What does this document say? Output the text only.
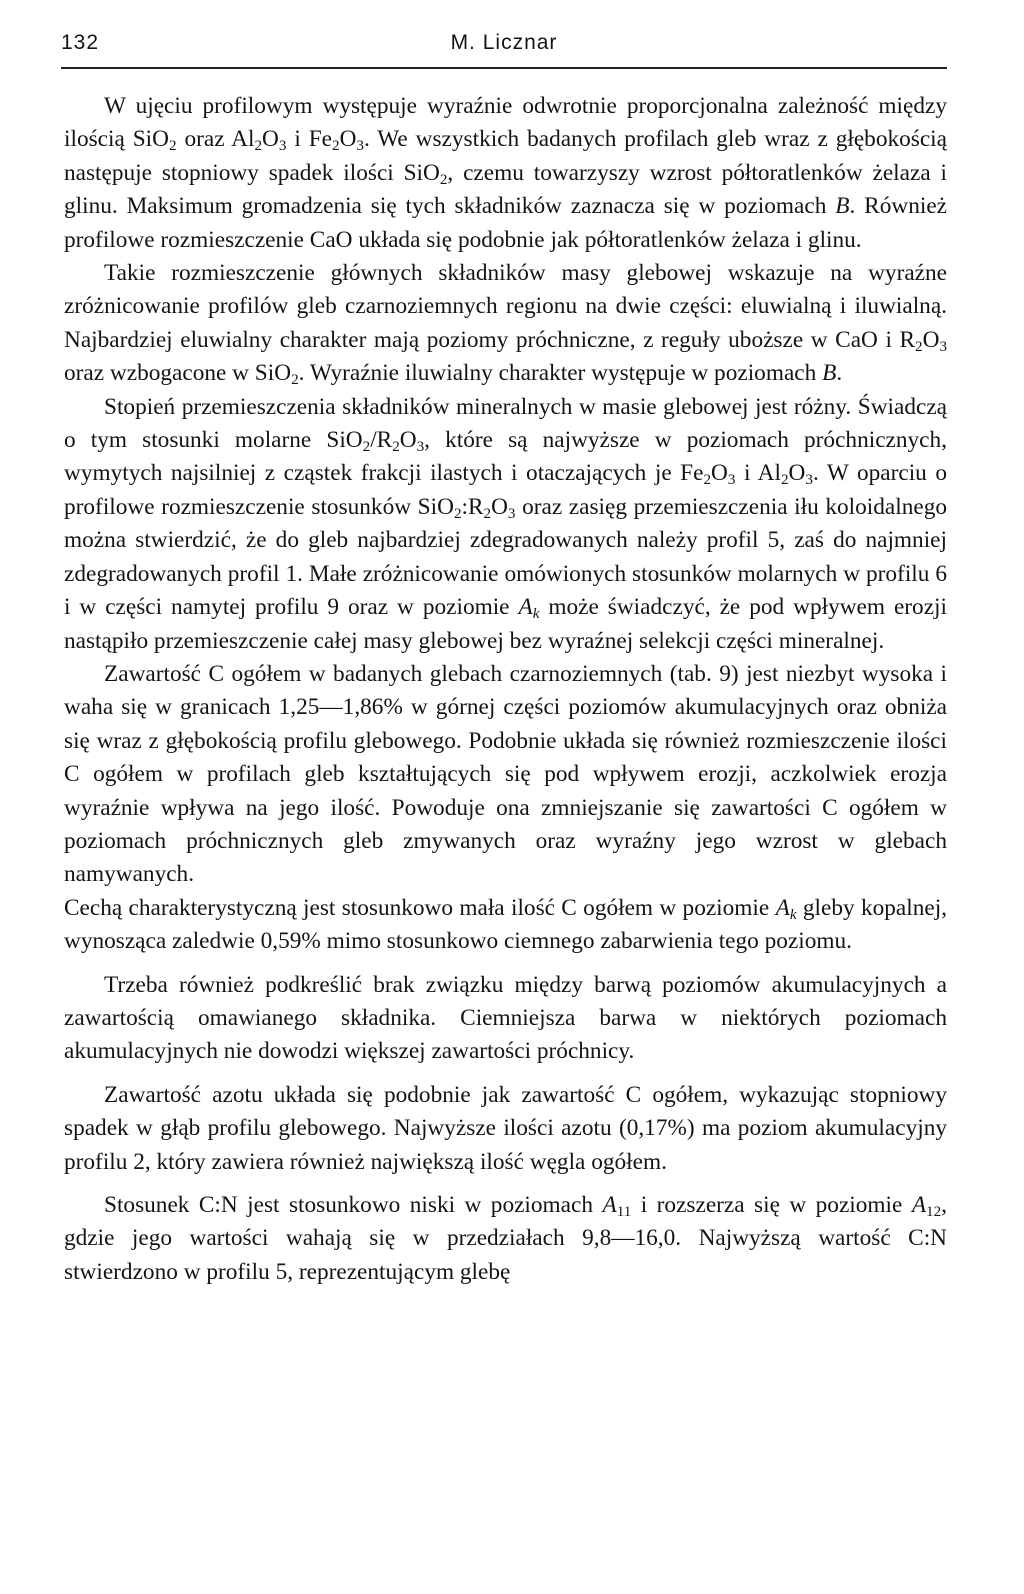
132	M. Licznar

W ujęciu profilowym występuje wyraźnie odwrotnie proporcjonalna zależność między ilością SiO$_2$ oraz $Al_2O_3$ i $Fe_2O_3$. We wszystkich badanych profilach gleb wraz z głębokością następuje stopniowy spadek ilości SiO$_2$, czemu towarzyszy wzrost półtoratlenków żelaza i glinu. Maksimum gromadzenia się tych składników zaznacza się w poziomach B. Również profilowe rozmieszczenie CaO układa się podobnie jak półtoratlenków żelaza i glinu.

Takie rozmieszczenie głównych składników masy glebowej wskazuje na wyraźne zróżnicowanie profilów gleb czarnoziemnych regionu na dwie części: eluwialną i iluwialną. Najbardziej eluwialny charakter mają poziomy próchniczne, z reguły uboższe w CaO i $R_2O_3$ oraz wzbogacone w SiO$_2$. Wyraźnie iluwialny charakter występuje w poziomach B.

Stopień przemieszczenia składników mineralnych w masie glebowej jest różny. Świadczą o tym stosunki molarne $SiO_2/R_2O_3$, które są najwyższe w poziomach próchnicznych, wymytych najsilniej z cząstek frakcji ilastych i otaczających je $Fe_2O_3$ i $Al_2O_3$. W oparciu o profilowe rozmieszczenie stosunków $SiO_2:R_2O_3$ oraz zasięg przemieszczenia iłu koloidalnego można stwierdzić, że do gleb najbardziej zdegradowanych należy profil 5, zaś do najmniej zdegradowanych profil 1. Małe zróżnicowanie omówionych stosunków molarnych w profilu 6 i w części namytej profilu 9 oraz w poziomie $A_k$ może świadczyć, że pod wpływem erozji nastąpiło przemieszczenie całej masy glebowej bez wyraźnej selekcji części mineralnej.

Zawartość C ogółem w badanych glebach czarnoziemnych (tab. 9) jest niezbyt wysoka i waha się w granicach 1,25—1,86% w górnej części poziomów akumulacyjnych oraz obniża się wraz z głębokością profilu glebowego. Podobnie układa się również rozmieszczenie ilości C ogółem w profilach gleb kształtujących się pod wpływem erozji, aczkolwiek erozja wyraźnie wpływa na jego ilość. Powoduje ona zmniejszanie się zawartości C ogółem w poziomach próchnicznych gleb zmywanych oraz wyraźny jego wzrost w glebach namywanych.

Cechą charakterystyczną jest stosunkowo mała ilość C ogółem w poziomie $A_k$ gleby kopalnej, wynosząca zaledwie 0,59% mimo stosunkowo ciemnego zabarwienia tego poziomu.

Trzeba również podkreślić brak związku między barwą poziomów akumulacyjnych a zawartością omawianego składnika. Ciemniejsza barwa w niektórych poziomach akumulacyjnych nie dowodzi większej zawartości próchnicy.

Zawartość azotu układa się podobnie jak zawartość C ogółem, wykazując stopniowy spadek w głąb profilu glebowego. Najwyższe ilości azotu (0,17%) ma poziom akumulacyjny profilu 2, który zawiera również największą ilość węgla ogółem.

Stosunek C:N jest stosunkowo niski w poziomach $A_{11}$ i rozszerza się w poziomie $A_{12}$, gdzie jego wartości wahają się w przedziałach 9,8—16,0. Najwyższą wartość C:N stwierdzono w profilu 5, reprezentującym glebę
